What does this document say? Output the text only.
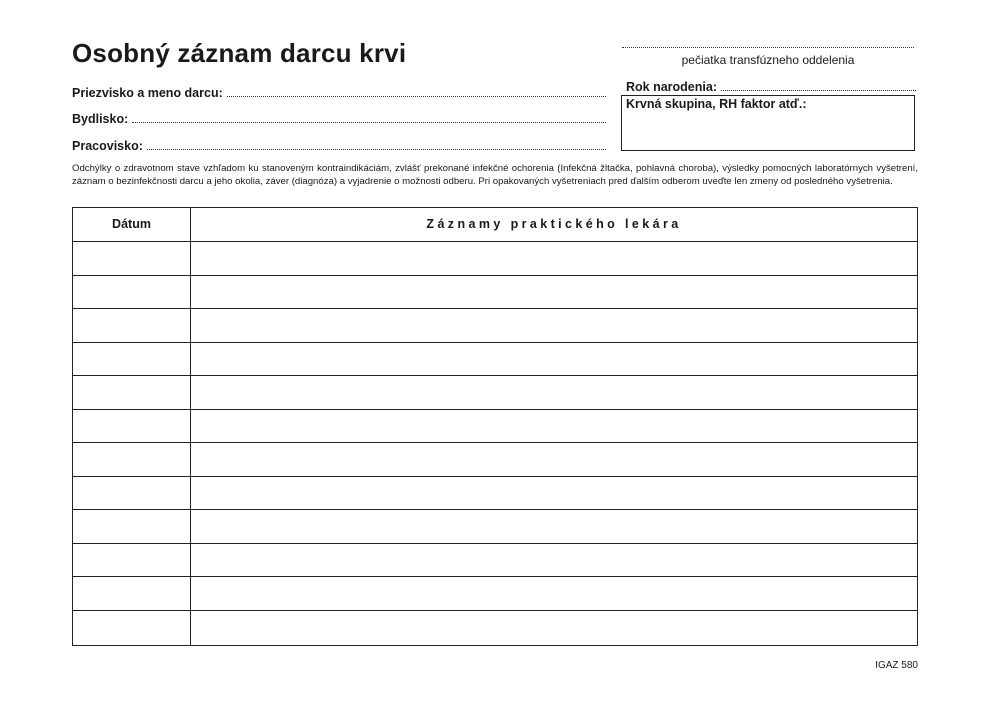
Osobný záznam darcu krvi	pečiatka transfúzneho oddelenia
Priezvisko a meno darcu:
Bydlisko:
Pracovisko:
Rok narodenia:
Krvná skupina, RH faktor atď.:
Odchýlky o zdravotnom stave vzhľadom ku stanoveným kontraindikáciám, zvlášť prekonané infekčné ochorenia (Infekčná žltačka, pohlavná choroba), výsledky pomocných laboratórnych vyšetrení, záznam o bezinfekčnosti darcu a jeho okolia, záver (diagnóza) a vyjadrenie o možnosti odberu. Pri opakovaných vyšetreniach pred ďalším odberom uveďte len zmeny od posledného vyšetrenia.
Dátum	Záznamy praktického lekára
IGAZ 580
